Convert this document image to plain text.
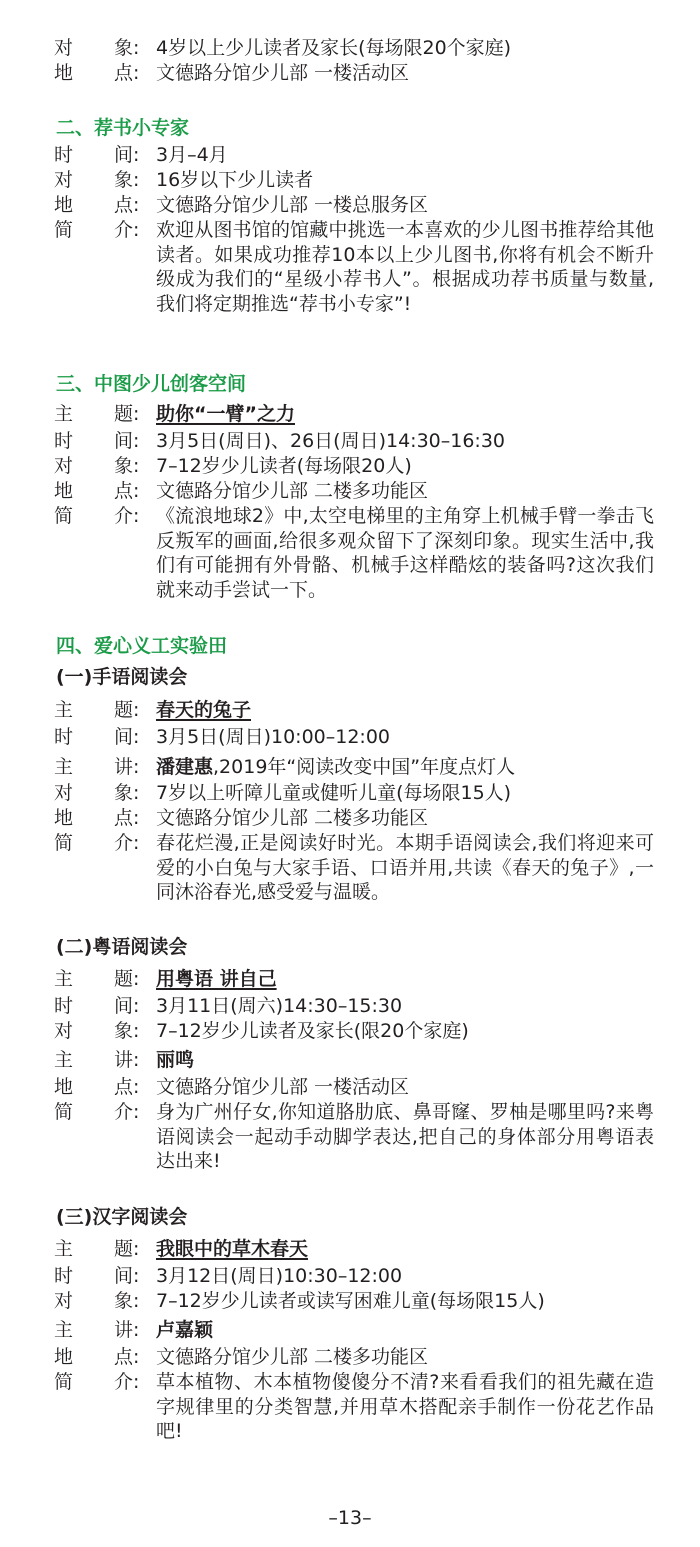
对 象: 4岁以上少儿读者及家长(每场限20个家庭)
地 点: 文德路分馆少儿部 一楼活动区
二、荐书小专家
时 间: 3月–4月
对 象: 16岁以下少儿读者
地 点: 文德路分馆少儿部 一楼总服务区
简 介: 欢迎从图书馆的馆藏中挑选一本喜欢的少儿图书推荐给其他读者。如果成功推荐10本以上少儿图书,你将有机会不断升级成为我们的“星级小荐书人”。根据成功荐书质量与数量,我们将定期推选“荐书小专家”!
三、中图少儿创客空间
主 题: 助你“一臂”之力
时 间: 3月5日(周日)、26日(周日)14:30–16:30
对 象: 7–12岁少儿读者(每场限20人)
地 点: 文德路分馆少儿部 二楼多功能区
简 介: 《流浪地球2》中,太空电梯里的主角穿上机械手臂一拳击飞反叛军的画面,给很多观众留下了深刻印象。现实生活中,我们有可能拥有外骨骼、机械手这样酷炫的装备吗?这次我们就来动手尝试一下。
四、爱心义工实验田
(一)手语阅读会
主 题: 春天的兔子
时 间: 3月5日(周日)10:00–12:00
主 讲: 潘建惠,2019年“阅读改变中国”年度点灯人
对 象: 7岁以上听障儿童或健听儿童(每场限15人)
地 点: 文德路分馆少儿部 二楼多功能区
简 介: 春花烂漫,正是阅读好时光。本期手语阅读会,我们将迎来可爱的小白兔与大家手语、口语并用,共读《春天的兔子》,一同沐浴春光,感受爱与温暖。
(二)粤语阅读会
主 题: 用粤语 讲自己
时 间: 3月11日(周六)14:30–15:30
对 象: 7–12岁少儿读者及家长(限20个家庭)
主 讲: 丽鸣
地 点: 文德路分馆少儿部 一楼活动区
简 介: 身为广州仔女,你知道胳肋底、鼻哥窿、罗柚是哪里吗?来粤语阅读会一起动手动脚学表达,把自己的身体部分用粤语表达出来!
(三)汉字阅读会
主 题: 我眼中的草木春天
时 间: 3月12日(周日)10:30–12:00
对 象: 7–12岁少儿读者或读写困难儿童(每场限15人)
主 讲: 卢嘉颖
地 点: 文德路分馆少儿部 二楼多功能区
简 介: 草本植物、木本植物傻傻分不清?来看看我们的祖先藏在造字规律里的分类智慧,并用草木搭配亲手制作一份花艺作品吧!
–13–
